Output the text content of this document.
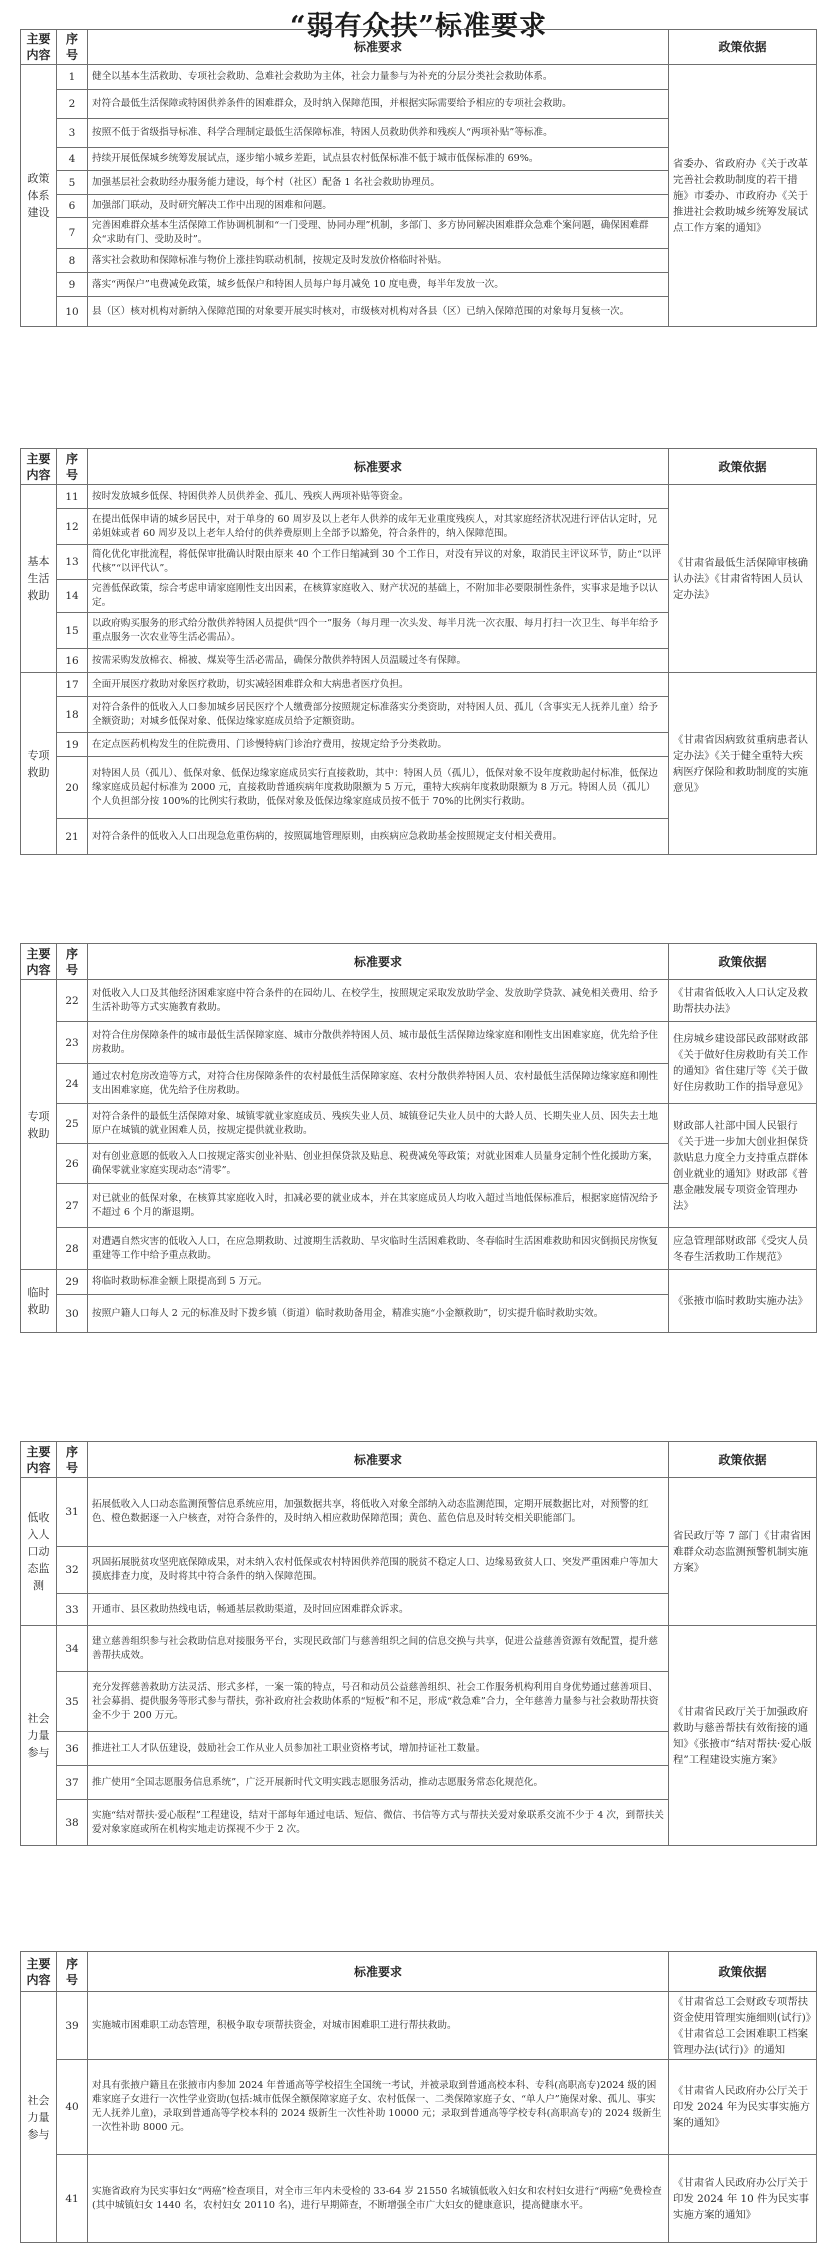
“弱有众扶”标准要求
主要内容	序号	标准要求	政策依据
政策体系建设	1	健全以基本生活救助、专项社会救助、急难社会救助为主体，社会力量参与为补充的分层分类社会救助体系。	省委办、省政府办《关于改革完善社会救助制度的若干措施》市委办、市政府办《关于推进社会救助城乡统筹发展试点工作方案的通知》
	2	对符合最低生活保障或特困供养条件的困难群众，及时纳入保障范围，并根据实际需要给予相应的专项社会救助。	
	3	按照不低于省级指导标准、科学合理制定最低生活保障标准，特困人员救助供养和残疾人“两项补贴”等标准。	
	4	持续开展低保城乡统筹发展试点，逐步缩小城乡差距，试点县农村低保标准不低于城市低保标准的 69%。	
	5	加强基层社会救助经办服务能力建设，每个村（社区）配备 1 名社会救助协理员。	
	6	加强部门联动，及时研究解决工作中出现的困难和问题。	
	7	完善困难群众基本生活保障工作协调机制和“一门受理、协同办理”机制，多部门、多方协同解决困难群众急难个案问题，确保困难群众“求助有门、受助及时”。	
	8	落实社会救助和保障标准与物价上涨挂钩联动机制，按规定及时发放价格临时补贴。	
	9	落实“两保户”电费减免政策，城乡低保户和特困人员每户每月减免 10 度电费，每半年发放一次。	
	10	县（区）核对机构对新纳入保障范围的对象要开展实时核对，市级核对机构对各县（区）已纳入保障范围的对象每月复核一次。	
主要内容	序号	标准要求	政策依据
基本生活救助	11	按时发放城乡低保、特困供养人员供养金、孤儿、残疾人两项补贴等资金。	《甘肃省最低生活保障审核确认办法》《甘肃省特困人员认定办法》
	12	在提出低保申请的城乡居民中，对于单身的 60 周岁及以上老年人供养的成年无业重度残疾人，对其家庭经济状况进行评估认定时，兄弟姐妹或者 60 周岁及以上老年人给付的供养费原则上全部予以豁免，符合条件的，纳入保障范围。	
	13	简化优化审批流程，将低保审批确认时限由原来 40 个工作日缩减到 30 个工作日，对没有异议的对象，取消民主评议环节，防止“以评代核”“以评代认”。	
	14	完善低保政策，综合考虑申请家庭刚性支出因素，在核算家庭收入、财产状况的基础上，不附加非必要限制性条件，实事求是地予以认定。	
	15	以政府购买服务的形式给分散供养特困人员提供“四个一”服务（每月理一次头发、每半月洗一次衣服、每月打扫一次卫生、每半年给予重点服务一次农业等生活必需品）。	
	16	按需采购发放棉衣、棉被、煤炭等生活必需品，确保分散供养特困人员温暖过冬有保障。	
专项救助	17	全面开展医疗救助对象医疗救助，切实减轻困难群众和大病患者医疗负担。	《甘肃省因病致贫重病患者认定办法》《关于健全重特大疾病医疗保险和救助制度的实施意见》
	18	对符合条件的低收入人口参加城乡居民医疗个人缴费部分按照规定标准落实分类资助，对特困人员、孤儿（含事实无人抚养儿童）给予全额资助；对城乡低保对象、低保边缘家庭成员给予定额资助。	
	19	在定点医药机构发生的住院费用、门诊慢特病门诊治疗费用，按规定给予分类救助。	
	20	对特困人员（孤儿）、低保对象、低保边缘家庭成员实行直接救助，其中：特困人员（孤儿），低保对象不设年度救助起付标准，低保边缘家庭成员起付标准为 2000 元，直接救助普通疾病年度救助限额为 5 万元，重特大疾病年度救助限额为 8 万元。特困人员（孤儿）个人负担部分按 100%的比例实行救助，低保对象及低保边缘家庭成员按不低于 70%的比例实行救助。	
	21	对符合条件的低收入人口出现急危重伤病的，按照属地管理原则，由疾病应急救助基金按照规定支付相关费用。	
主要内容	序号	标准要求	政策依据
专项救助	22	对低收入人口及其他经济困难家庭中符合条件的在园幼儿、在校学生，按照规定采取发放助学金、发放助学贷款、减免相关费用、给予生活补助等方式实施教育救助。	《甘肃省低收入人口认定及救助帮扶办法》
	23	对符合住房保障条件的城市最低生活保障家庭、城市分散供养特困人员、城市最低生活保障边缘家庭和刚性支出困难家庭，优先给予住房救助。	住房城乡建设部民政部财政部《关于做好住房救助有关工作的通知》省住建厅等《关于做好住房救助工作的指导意见》
	24	通过农村危房改造等方式，对符合住房保障条件的农村最低生活保障家庭、农村分散供养特困人员、农村最低生活保障边缘家庭和刚性支出困难家庭，优先给予住房救助。	
	25	对符合条件的最低生活保障对象、城镇零就业家庭成员、残疾失业人员、城镇登记失业人员中的大龄人员、长期失业人员、因失去土地原户在城镇的就业困难人员，按规定提供就业救助。	财政部人社部中国人民银行《关于进一步加大创业担保贷款贴息力度全力支持重点群体创业就业的通知》财政部《普惠金融发展专项资金管理办法》
	26	对有创业意愿的低收入人口按规定落实创业补贴、创业担保贷款及贴息、税费减免等政策；对就业困难人员量身定制个性化援助方案，确保零就业家庭实现动态“清零”。	
	27	对已就业的低保对象，在核算其家庭收入时，扣减必要的就业成本，并在其家庭成员人均收入超过当地低保标准后，根据家庭情况给予不超过 6 个月的渐退期。	
	28	对遭遇自然灾害的低收入人口，在应急期救助、过渡期生活救助、旱灾临时生活困难救助、冬春临时生活困难救助和因灾倒损民房恢复重建等工作中给予重点救助。	应急管理部财政部《受灾人员冬春生活救助工作规范》
临时救助	29	将临时救助标准金额上限提高到 5 万元。	《张掖市临时救助实施办法》
	30	按照户籍人口每人 2 元的标准及时下拨乡镇（街道）临时救助备用金，精准实施“小金额救助”，切实提升临时救助实效。	
主要内容	序号	标准要求	政策依据
低收入人口动态监测	31	拓展低收入人口动态监测预警信息系统应用，加强数据共享，将低收入对象全部纳入动态监测范围，定期开展数据比对，对预警的红色、橙色数据逐一入户核查，对符合条件的，及时纳入相应救助保障范围；黄色、蓝色信息及时转交相关职能部门。	省民政厅等 7 部门《甘肃省困难群众动态监测预警机制实施方案》
	32	巩固拓展脱贫攻坚兜底保障成果，对未纳入农村低保或农村特困供养范围的脱贫不稳定人口、边缘易致贫人口、突发严重困难户等加大摸底排查力度，及时将其中符合条件的纳入保障范围。	
	33	开通市、县区救助热线电话，畅通基层救助渠道，及时回应困难群众诉求。	
社会力量参与	34	建立慈善组织参与社会救助信息对接服务平台，实现民政部门与慈善组织之间的信息交换与共享，促进公益慈善资源有效配置，提升慈善帮扶成效。	《甘肃省民政厅关于加强政府救助与慈善帮扶有效衔接的通知》《张掖市“结对帮扶·爱心版程”工程建设实施方案》
	35	充分发挥慈善救助方法灵活、形式多样，一案一策的特点，号召和动员公益慈善组织、社会工作服务机构利用自身优势通过慈善项目、社会募捐、提供服务等形式参与帮扶，弥补政府社会救助体系的“短板”和不足，形成“救急难”合力，全年慈善力量参与社会救助帮扶资金不少于 200 万元。	
	36	推进社工人才队伍建设，鼓励社会工作从业人员参加社工职业资格考试，增加持证社工数量。	
	37	推广使用“全国志愿服务信息系统”，广泛开展新时代文明实践志愿服务活动，推动志愿服务常态化规范化。	
	38	实施“结对帮扶·爱心版程”工程建设，结对干部每年通过电话、短信、微信、书信等方式与帮扶关爱对象联系交流不少于 4 次，到帮扶关爱对象家庭或所在机构实地走访探视不少于 2 次。	
主要内容	序号	标准要求	政策依据
社会力量参与	39	实施城市困难职工动态管理，积极争取专项帮扶资金，对城市困难职工进行帮扶救助。	《甘肃省总工会财政专项帮扶资金使用管理实施细则(试行)》《甘肃省总工会困难职工档案管理办法(试行)》的通知
	40	对具有张掖户籍且在张掖市内参加 2024 年普通高等学校招生全国统一考试，并被录取到普通高校本科、专科(高职高专)2024 级的困难家庭子女进行一次性学业资助(包括:城市低保全额保障家庭子女、农村低保一、二类保障家庭子女、“单人户”施保对象、孤儿、事实无人抚养儿童)，录取到普通高等学校本科的 2024 级新生一次性补助 10000 元；录取到普通高等学校专科(高职高专)的 2024 级新生一次性补助 8000 元。	《甘肃省人民政府办公厅关于印发 2024 年为民实事实施方案的通知》
	41	实施省政府为民实事妇女“两癌”检查项目，对全市三年内未受检的 33-64 岁 21550 名城镇低收入妇女和农村妇女进行“两癌”免费检查(其中城镇妇女 1440 名，农村妇女 20110 名)，进行早期筛查，不断增强全市广大妇女的健康意识，提高健康水平。	《甘肃省人民政府办公厅关于印发 2024 年 10 件为民实事实施方案的通知》
